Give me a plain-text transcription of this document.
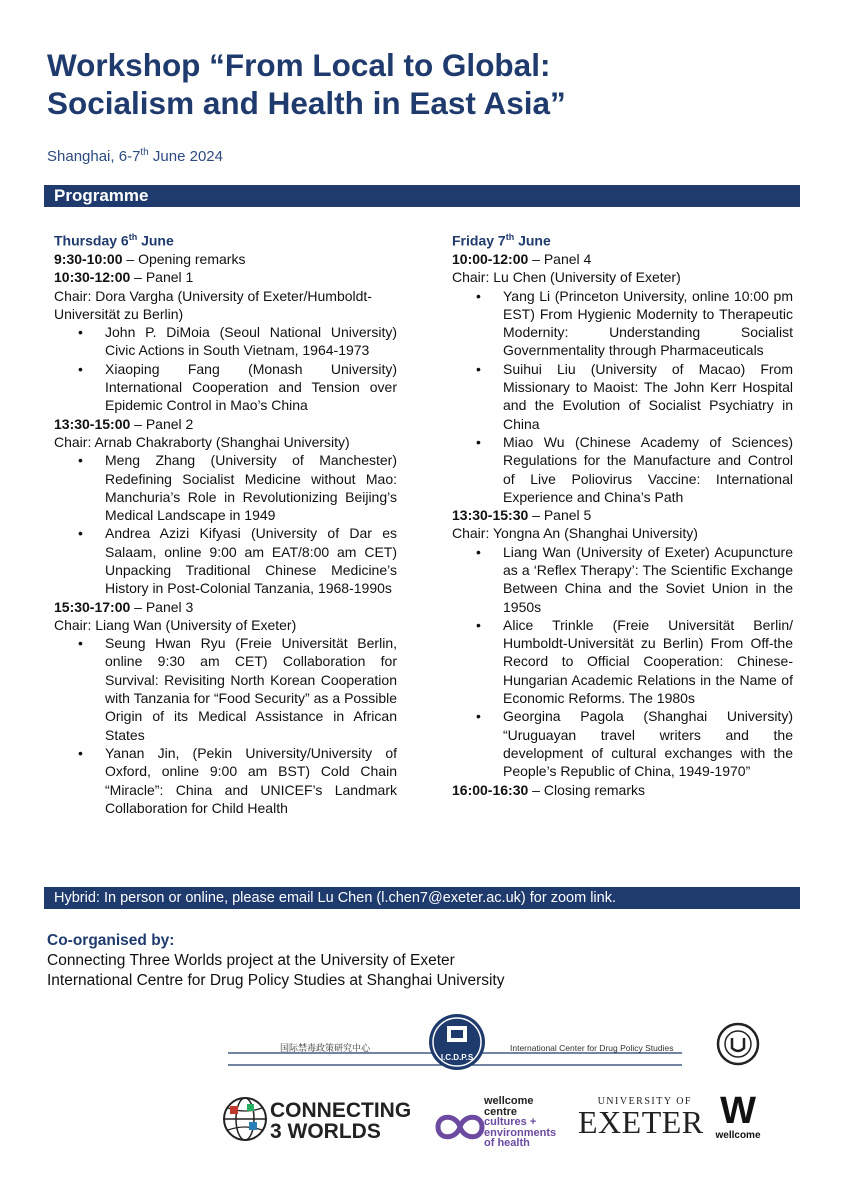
Workshop “From Local to Global:
Socialism and Health in East Asia”
Shanghai, 6-7th June 2024
Programme
Thursday 6th June
9:30-10:00 – Opening remarks
10:30-12:00 – Panel 1
Chair: Dora Vargha (University of Exeter/Humboldt-Universität zu Berlin)
• John P. DiMoia (Seoul National University) Civic Actions in South Vietnam, 1964-1973
• Xiaoping Fang (Monash University) International Cooperation and Tension over Epidemic Control in Mao’s China
13:30-15:00 – Panel 2
Chair: Arnab Chakraborty (Shanghai University)
• Meng Zhang (University of Manchester) Redefining Socialist Medicine without Mao: Manchuria’s Role in Revolutionizing Beijing’s Medical Landscape in 1949
• Andrea Azizi Kifyasi (University of Dar es Salaam, online 9:00 am EAT/8:00 am CET) Unpacking Traditional Chinese Medicine’s History in Post-Colonial Tanzania, 1968-1990s
15:30-17:00 – Panel 3
Chair: Liang Wan (University of Exeter)
• Seung Hwan Ryu (Freie Universität Berlin, online 9:30 am CET) Collaboration for Survival: Revisiting North Korean Cooperation with Tanzania for “Food Security” as a Possible Origin of its Medical Assistance in African States
• Yanan Jin, (Pekin University/University of Oxford, online 9:00 am BST) Cold Chain “Miracle”: China and UNICEF’s Landmark Collaboration for Child Health
Friday 7th June
10:00-12:00 – Panel 4
Chair: Lu Chen (University of Exeter)
• Yang Li (Princeton University, online 10:00 pm EST) From Hygienic Modernity to Therapeutic Modernity: Understanding Socialist Governmentality through Pharmaceuticals
• Suihui Liu (University of Macao) From Missionary to Maoist: The John Kerr Hospital and the Evolution of Socialist Psychiatry in China
• Miao Wu (Chinese Academy of Sciences) Regulations for the Manufacture and Control of Live Poliovirus Vaccine: International Experience and China’s Path
13:30-15:30 – Panel 5
Chair: Yongna An (Shanghai University)
• Liang Wan (University of Exeter) Acupuncture as a ‘Reflex Therapy’: The Scientific Exchange Between China and the Soviet Union in the 1950s
• Alice Trinkle (Freie Universität Berlin/ Humboldt-Universität zu Berlin) From Off-the Record to Official Cooperation: Chinese-Hungarian Academic Relations in the Name of Economic Reforms. The 1980s
• Georgina Pagola (Shanghai University) “Uruguayan travel writers and the development of cultural exchanges with the People’s Republic of China, 1949-1970”
16:00-16:30 – Closing remarks
Hybrid: In person or online, please email Lu Chen (l.chen7@exeter.ac.uk) for zoom link.
Co-organised by:
Connecting Three Worlds project at the University of Exeter
International Centre for Drug Policy Studies at Shanghai University
国际禁毒政策研究中心	International Center for Drug Policy Studies
I.C.D.P.S
CONNECTING
3 WORLDS
wellcome
centre
cultures +
environments
of health
UNIVERSITY OF
EXETER W
wellcome
